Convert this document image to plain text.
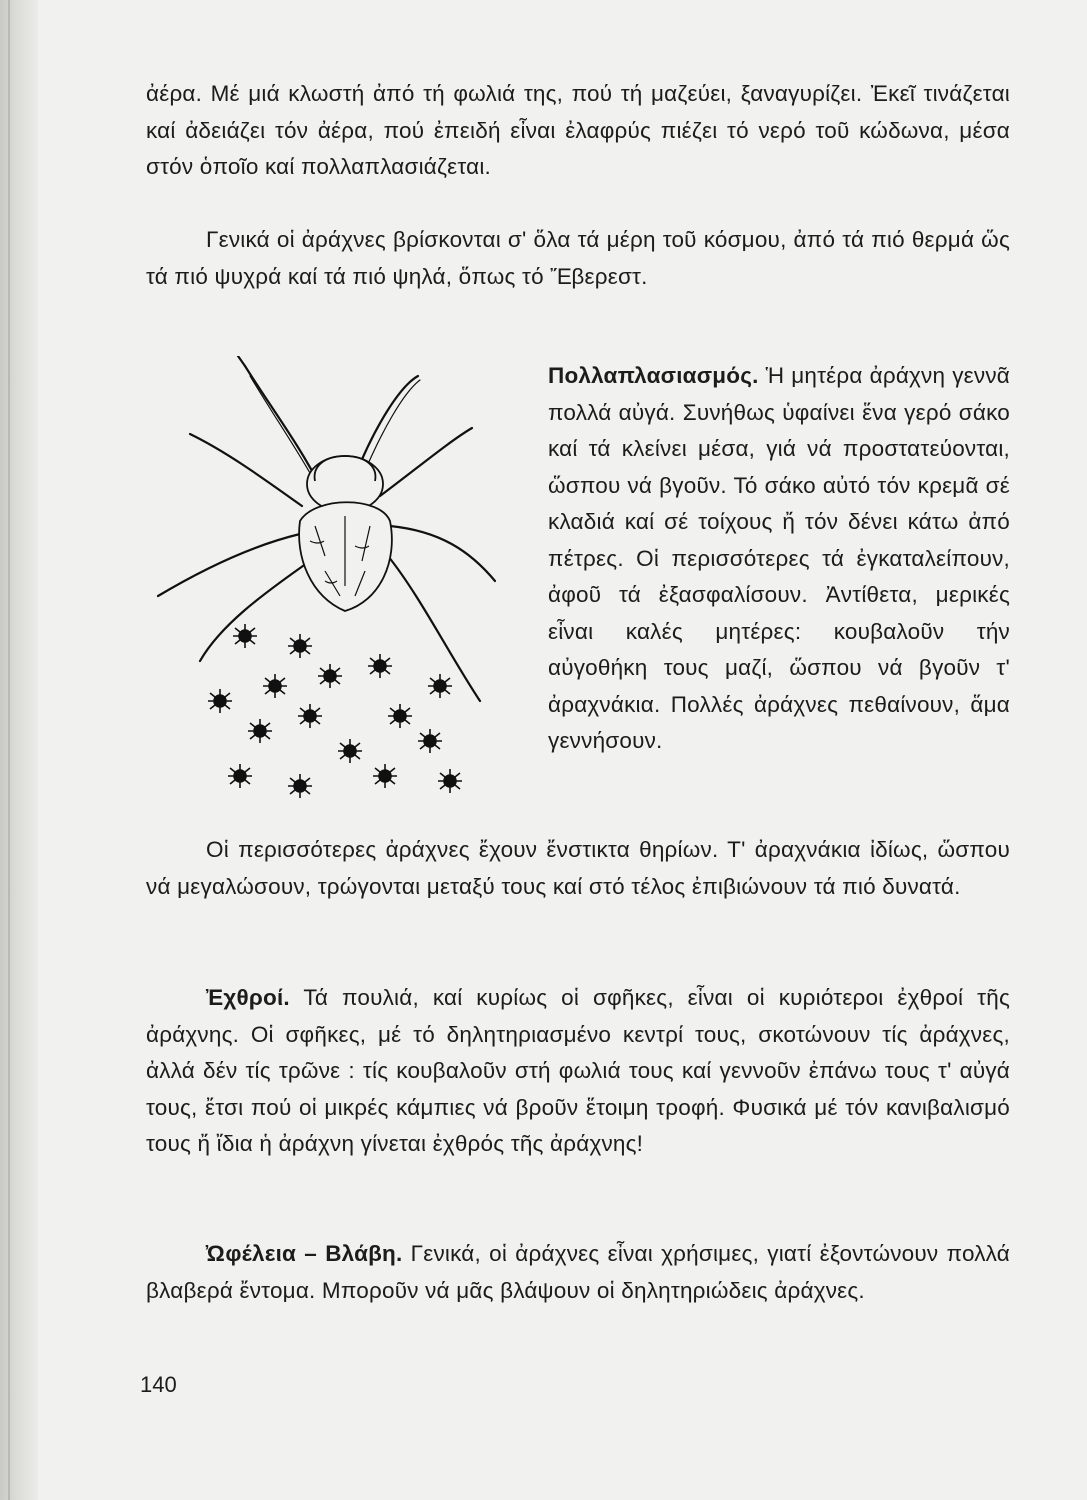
ἀέρα. Μέ μιά κλωστή ἀπό τή φωλιά της, πού τή μαζεύει, ξαναγυρίζει. Ἐκεῖ τινάζεται καί ἀδειάζει τόν ἀέρα, πού ἐπειδή εἶναι ἐλαφρύς πιέζει τό νερό τοῦ κώδωνα, μέσα στόν ὁποῖο καί πολλαπλασιάζεται.

Γενικά οἱ ἀράχνες βρίσκονται σ' ὅλα τά μέρη τοῦ κόσμου, ἀπό τά πιό θερμά ὥς τά πιό ψυχρά καί τά πιό ψηλά, ὅπως τό Ἔβερεστ.

Πολλαπλασιασμός. Ἡ μητέρα ἀράχνη γεννᾶ πολλά αὐγά. Συνήθως ὑφαίνει ἕνα γερό σάκο καί τά κλείνει μέσα, γιά νά προστατεύονται, ὥσπου νά βγοῦν. Τό σάκο αὐτό τόν κρεμᾶ σέ κλαδιά καί σέ τοίχους ἤ τόν δένει κάτω ἀπό πέτρες. Οἱ περισσότερες τά ἐγκαταλείπουν, ἀφοῦ τά ἐξασφαλίσουν. Ἀντίθετα, μερικές εἶναι καλές μητέρες: κουβαλοῦν τήν αὐγοθήκη τους μαζί, ὥσπου νά βγοῦν τ' ἀραχνάκια. Πολλές ἀράχνες πεθαίνουν, ἅμα γεννήσουν.

Οἱ περισσότερες ἀράχνες ἔχουν ἔνστικτα θηρίων. Τ' ἀραχνάκια ἰδίως, ὥσπου νά μεγαλώσουν, τρώγονται μεταξύ τους καί στό τέλος ἐπιβιώνουν τά πιό δυνατά.

Ἐχθροί. Τά πουλιά, καί κυρίως οἱ σφῆκες, εἶναι οἱ κυριότεροι ἐχθροί τῆς ἀράχνης. Οἱ σφῆκες, μέ τό δηλητηριασμένο κεντρί τους, σκοτώνουν τίς ἀράχνες, ἀλλά δέν τίς τρῶνε : τίς κουβαλοῦν στή φωλιά τους καί γεννοῦν ἐπάνω τους τ' αὐγά τους, ἔτσι πού οἱ μικρές κάμπιες νά βροῦν ἕτοιμη τροφή. Φυσικά μέ τόν κανιβαλισμό τους ἤ ἴδια ἡ ἀράχνη γίνεται ἐχθρός τῆς ἀράχνης!

Ὠφέλεια – Βλάβη. Γενικά, οἱ ἀράχνες εἶναι χρήσιμες, γιατί ἐξοντώνουν πολλά βλαβερά ἔντομα. Μποροῦν νά μᾶς βλάψουν οἱ δηλητηριώδεις ἀράχνες.

140
